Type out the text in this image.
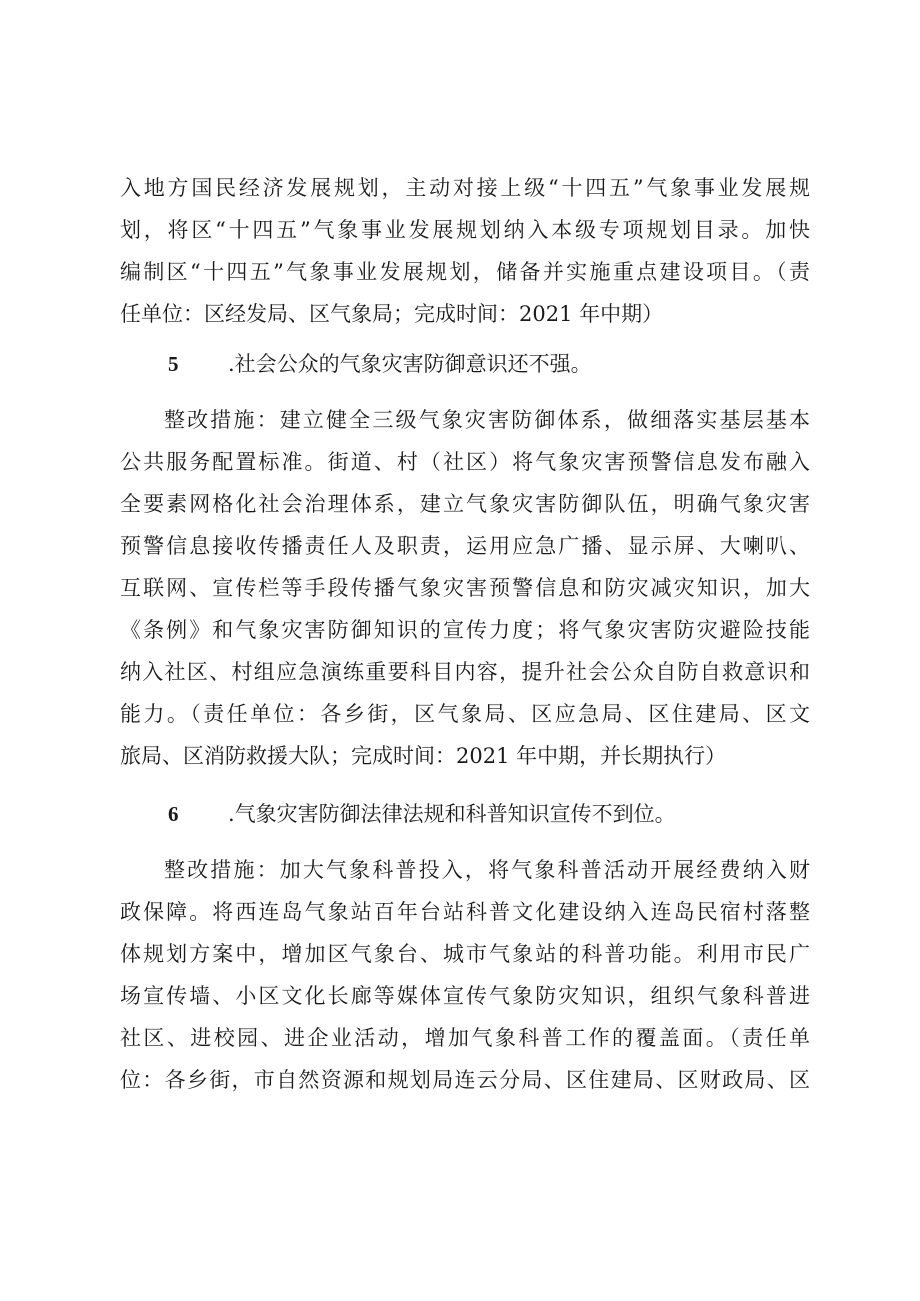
入地方国民经济发展规划，主动对接上级“十四五”气象事业发展规
划，将区“十四五”气象事业发展规划纳入本级专项规划目录。加快
编制区“十四五”气象事业发展规划，储备并实施重点建设项目。（责
任单位：区经发局、区气象局；完成时间：2021 年中期）
5 .社会公众的气象灾害防御意识还不强。
整改措施：建立健全三级气象灾害防御体系，做细落实基层基本
公共服务配置标准。街道、村（社区）将气象灾害预警信息发布融入
全要素网格化社会治理体系，建立气象灾害防御队伍，明确气象灾害
预警信息接收传播责任人及职责，运用应急广播、显示屏、大喇叭、
互联网、宣传栏等手段传播气象灾害预警信息和防灾减灾知识，加大
《条例》和气象灾害防御知识的宣传力度；将气象灾害防灾避险技能
纳入社区、村组应急演练重要科目内容，提升社会公众自防自救意识和
能力。（责任单位：各乡街，区气象局、区应急局、区住建局、区文
旅局、区消防救援大队；完成时间：2021 年中期，并长期执行）
6 .气象灾害防御法律法规和科普知识宣传不到位。
整改措施：加大气象科普投入，将气象科普活动开展经费纳入财
政保障。将西连岛气象站百年台站科普文化建设纳入连岛民宿村落整
体规划方案中，增加区气象台、城市气象站的科普功能。利用市民广
场宣传墙、小区文化长廊等媒体宣传气象防灾知识，组织气象科普进
社区、进校园、进企业活动，增加气象科普工作的覆盖面。（责任单
位：各乡街，市自然资源和规划局连云分局、区住建局、区财政局、区
